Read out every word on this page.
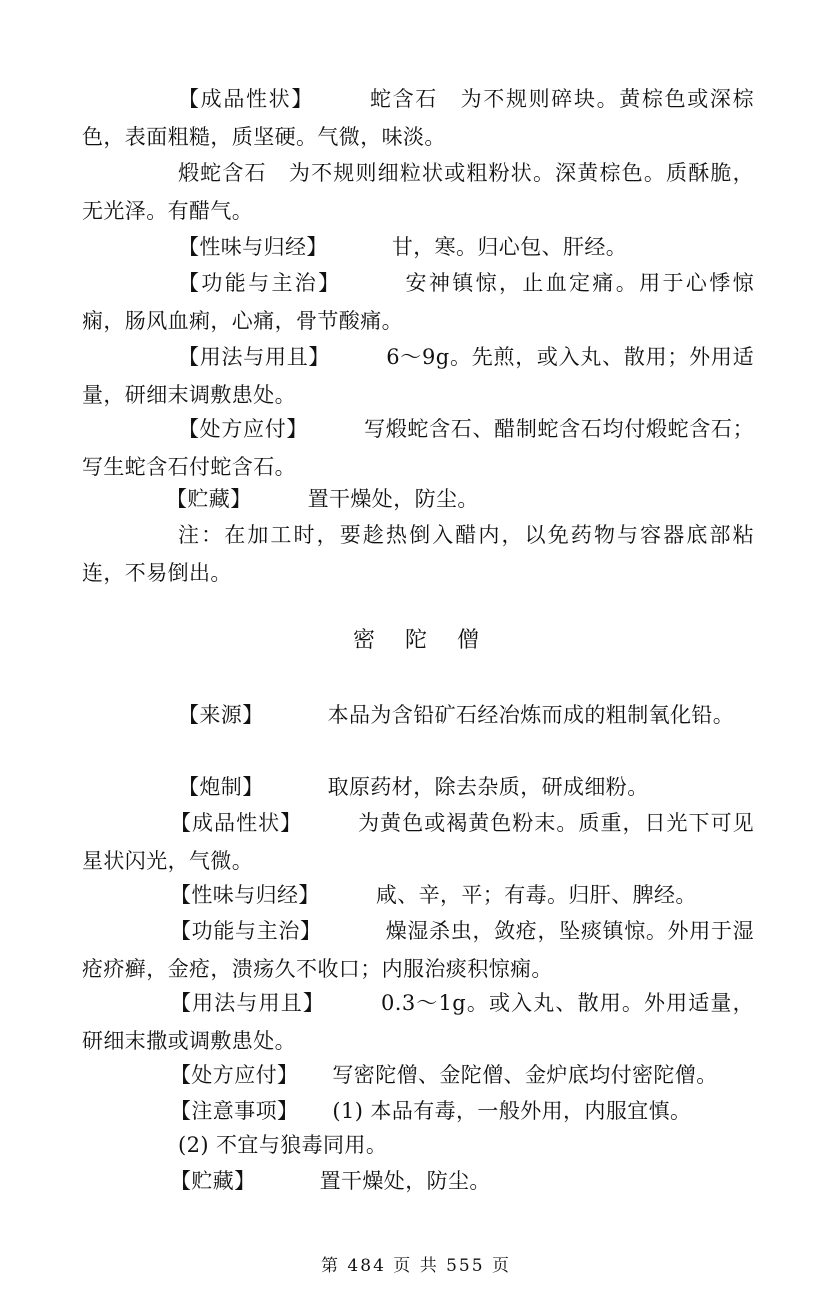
【成品性状】	蛇含石　为不规则碎块。黄棕色或深棕色，表面粗糙，质坚硬。气微，味淡。

煅蛇含石　为不规则细粒状或粗粉状。深黄棕色。质酥脆，无光泽。有醋气。

【性味与归经】	甘，寒。归心包、肝经。

【功能与主治】	安神镇惊，止血定痛。用于心悸惊痫，肠风血痢，心痛，骨节酸痛。

【用法与用且】	6～9g。先煎，或入丸、散用；外用适量，研细末调敷患处。

【处方应付】	写煅蛇含石、醋制蛇含石均付煅蛇含石；写生蛇含石付蛇含石。

【贮藏】	置干燥处，防尘。

注：在加工时，要趁热倒入醋内，以免药物与容器底部粘连，不易倒出。

密陀僧

【来源】	本品为含铅矿石经冶炼而成的粗制氧化铅。

【炮制】	取原药材，除去杂质，研成细粉。

【成品性状】	为黄色或褐黄色粉末。质重，日光下可见星状闪光，气微。

【性味与归经】	咸、辛，平；有毒。归肝、脾经。

【功能与主治】	燥湿杀虫，敛疮，坠痰镇惊。外用于湿疮疥癣，金疮，溃疡久不收口；内服治痰积惊痫。

【用法与用且】	0.3～1g。或入丸、散用。外用适量，研细末撒或调敷患处。

【处方应付】 写密陀僧、金陀僧、金炉底均付密陀僧。

【注意事项】 (1) 本品有毒，一般外用，内服宜慎。

(2) 不宜与狼毒同用。

【贮藏】	置干燥处，防尘。

第 484 页 共 555 页
